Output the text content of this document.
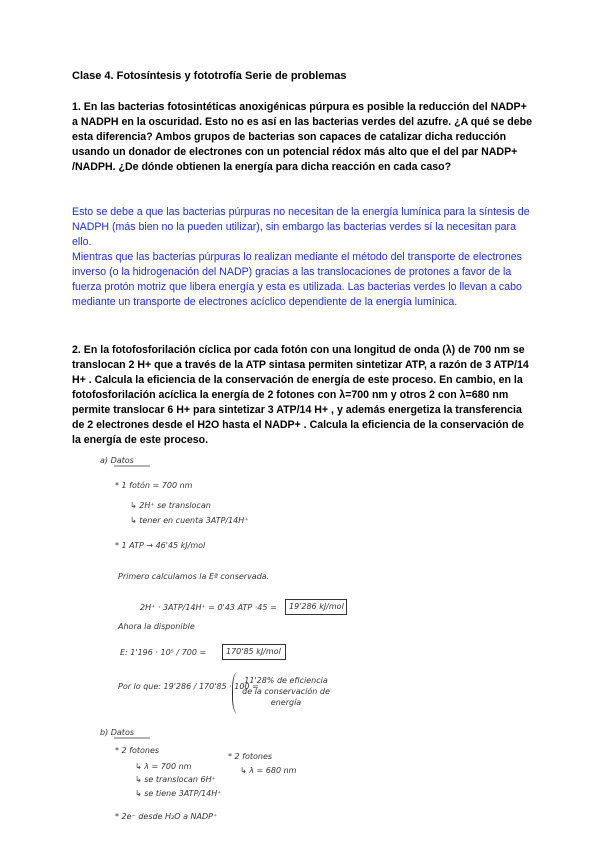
Clase 4. Fotosíntesis y fototrofía Serie de problemas
1. En las bacterias fotosintéticas anoxigénicas púrpura es posible la reducción del NADP+ a NADPH en la oscuridad. Esto no es así en las bacterias verdes del azufre. ¿A qué se debe esta diferencia? Ambos grupos de bacterias son capaces de catalizar dicha reducción usando un donador de electrones con un potencial rédox más alto que el del par NADP+ /NADPH. ¿De dónde obtienen la energía para dicha reacción en cada caso?

Esto se debe a que las bacterias púrpuras no necesitan de la energía lumínica para la síntesis de NADPH (más bien no la pueden utilizar), sin embargo las bacterias verdes sí la necesitan para ello.

Mientras que las bacterias púrpuras lo realizan mediante el método del transporte de electrones inverso (o la hidrogenación del NADP) gracias a las translocaciones de protones a favor de la fuerza protón motriz que libera energía y esta es utilizada. Las bacterias verdes lo llevan a cabo mediante un transporte de electrones acíclico dependiente de la energía lumínica.

2. En la fotofosforilación cíclica por cada fotón con una longitud de onda (λ) de 700 nm se translocan 2 H+ que a través de la ATP sintasa permiten sintetizar ATP, a razón de 3 ATP/14 H+ . Calcula la eficiencia de la conservación de energía de este proceso. En cambio, en la fotofosforilación acíclica la energía de 2 fotones con λ=700 nm y otros 2 con λ=680 nm permite translocar 6 H+ para sintetizar 3 ATP/14 H+ , y además energetiza la transferencia de 2 electrones desde el H2O hasta el NADP+ . Calcula la eficiencia de la conservación de la energía de este proceso.
a) Datos
* 1 fotón = 700 nm
↳ 2H⁺ se translocan
↳ tener en cuenta 3ATP/14H⁺
* 1 ATP → 46'45 kJ/mol
Primero calculamos la Eª conservada.
2H⁺ · 3ATP/14H⁺ = 0'43 ATP ·45 = 19'286 kJ/mol
Ahora la disponible
E: 1'196 · 10⁵ / 700 = 170'85 kJ/mol
Por lo que: 19'286 / 170'85 · 100 =
11'28% de eficiencia de la conservación de energía
b) Datos
* 2 fotones
* 2 fotones
↳ λ = 700 nm	↳ λ = 680 nm
↳ se translocan 6H⁺
↳ se tiene 3ATP/14H⁺
* 2e⁻ desde H₂O a NADP⁺
